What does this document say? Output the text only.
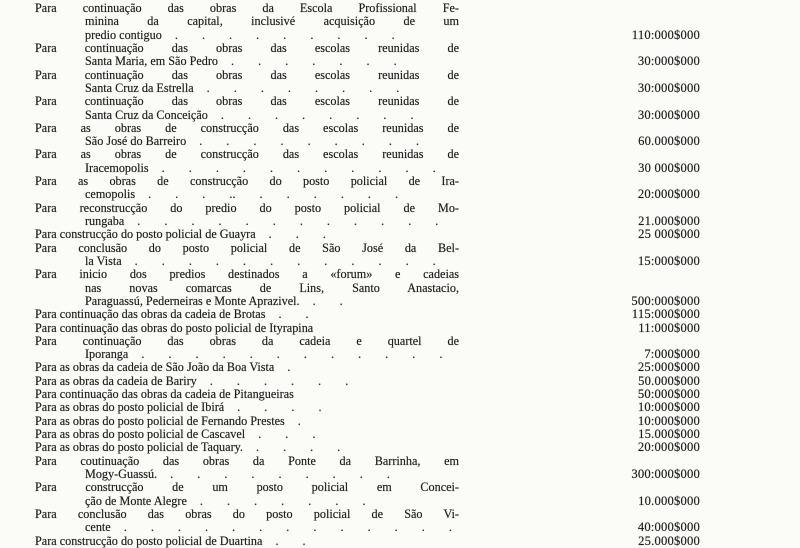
Para continuação das obras da Escola Profissional Fe-
minina da capital, inclusivé acquisição de um
predio contiguo . . . . . . . . .	110:000$000
Para continuação das obras das escolas reunidas de
Santa Maria, em São Pedro . . . . . . .	30:000$000
Para continuação das obras das escolas reunidas de
Santa Cruz da Estrella . . . . . . . .	30:000$000
Para continuação das obras das escolas reunidas de
Santa Cruz da Conceição . . . . . . . .	30:000$000
Para as obras de construcção das escolas reunidas de
São José do Barreiro . . . . . . . . .	60.000$000
Para as obras de construcção das escolas reunidas de
Iracemopolis . . . . . . . . . . .	30 000$000
Para as obras de construcção do posto policial de Ira-
cemopolis . . . .. . . . . . .	20:000$000
Para reconstrucção do predio do posto policial de Mo-
rungaba . . . . . . . . . . . .	21.000$000
Para construcção do posto policial de Guayra . . .	25 000$000
Para conclusão do posto policial de São José da Bel-
la Vista . . . . . . . . . . . .	15:000$000
Para inicio dos predios destinados a «forum» e cadeias
nas novas comarcas de Lins, Santo Anastacio,
Paraguassú, Pederneiras e Monte Aprazivel. . .	500:000$000
Para continuação das obras da cadeia de Brotas . .	115:000$000
Para continuação das obras do posto policial de Ityrapina	11:000$000
Para continuação das obras da cadeia e quartel de
Iporanga . . . . . . . . . . . .	7:000$000
Para as obras da cadeia de São João da Boa Vista .	25:000$000
Para as obras da cadeia de Bariry . . . . . .	50.000$000
Para continuação das obras da cadeia de Pitangueiras	50:000$000
Para as obras do posto policial de Ibirá . . . .	10:000$000
Para as obras do posto policial de Fernando Prestes .	10:000$000
Para as obras do posto policial de Cascavel . . .	15.000$000
Para as obras do posto policial de Taquary. . . . .	20:000$000
Para coutinuação das obras da Ponte da Barrinha, em
Mogy-Guassú. . . . . . . . . .	300:000$000
Para construcção de um posto policial em Concei-
ção de Monte Alegre . . . . . . .	10.000$000
Para conclusão das obras do posto policial de São Vi-
cente . . . . . . . . . . . . .	40:000$000
Para construcção do posto policial de Duartina . .	25.000$000
